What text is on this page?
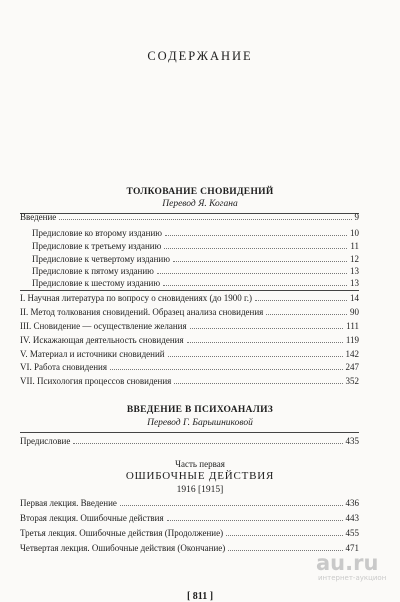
СОДЕРЖАНИЕ
ТОЛКОВАНИЕ СНОВИДЕНИЙ
Перевод Я. Когана
Введение	9
Предисловие ко второму изданию	10
Предисловие к третьему изданию	11
Предисловие к четвертому изданию	12
Предисловие к пятому изданию	13
Предисловие к шестому изданию	13
I. Научная литература по вопросу о сновидениях (до 1900 г.)	14
II. Метод толкования сновидений. Образец анализа сновидения	90
III. Сновидение — осуществление желания	111
IV. Искажающая деятельность сновидения	119
V. Материал и источники сновидений	142
VI. Работа сновидения	247
VII. Психология процессов сновидения	352
ВВЕДЕНИЕ В ПСИХОАНАЛИЗ
Перевод Г. Барышниковой
Предисловие	435
Часть первая
ОШИБОЧНЫЕ ДЕЙСТВИЯ
1916 [1915]
Первая лекция. Введение	436
Вторая лекция. Ошибочные действия	443
Третья лекция. Ошибочные действия (Продолжение)	455
Четвертая лекция. Ошибочные действия (Окончание)	471
[ 811 ]
au.ru
интернет-аукцион
